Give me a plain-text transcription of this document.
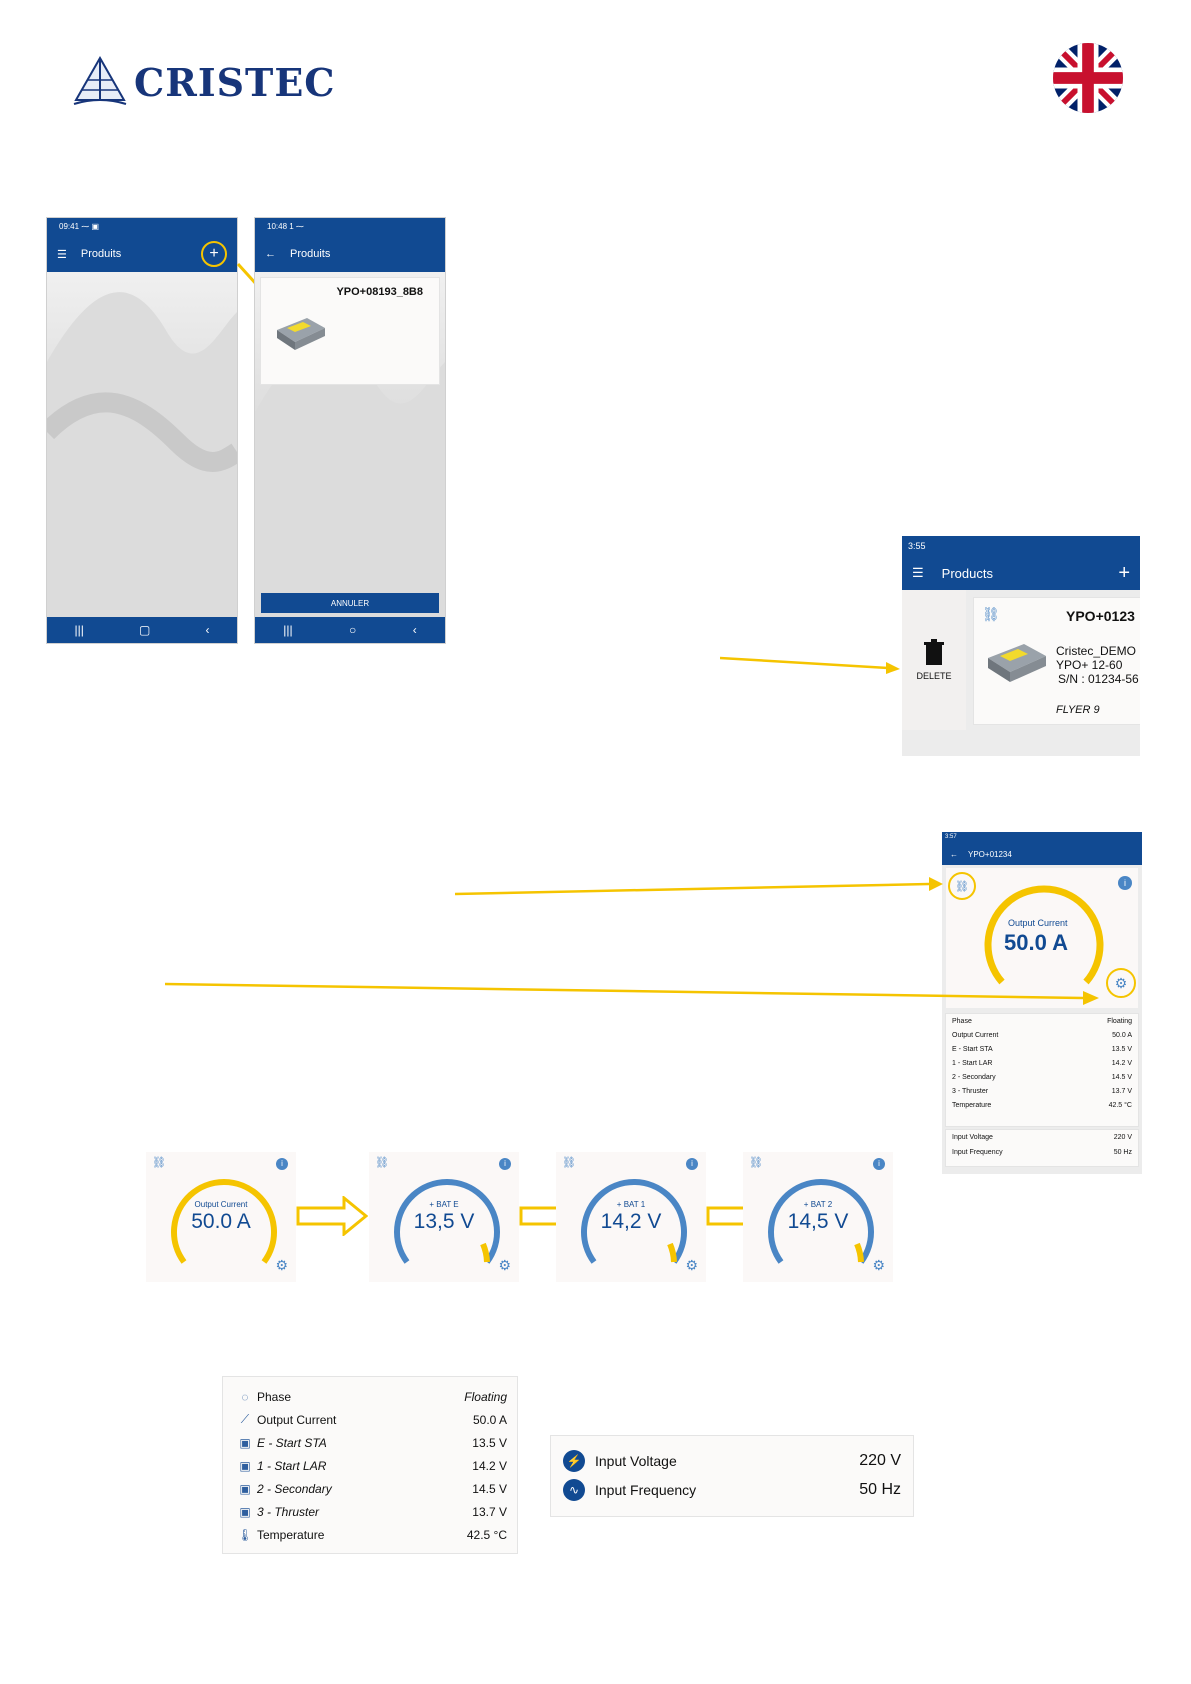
CRISTEC
09:41 ⁓ ▣
☰ Produits	+
|||	▢	‹
10:48 1 ⁓
← Produits
YPO+08193_8B8
ANNULER
|||	○	‹
3:55
☰ Products	+
DELETE
⛓	YPO+0123
Cristec_DEMO
YPO+ 12-60
S/N : 01234-56
FLYER 9
3:57
← YPO+01234
⛓	i
Output Current
50.0 A
⚙
Phase	Floating
Output Current	50.0 A
E - Start STA	13.5 V
1 - Start LAR	14.2 V
2 - Secondary	14.5 V
3 - Thruster	13.7 V
Temperature	42.5 °C
Input Voltage	220 V
Input Frequency	50 Hz
Output Current
50.0 A
⛓	i
⚙
+ BAT E
13,5 V
⛓	i
⚙
+ BAT 1
14,2 V
⛓	i
⚙
+ BAT 2
14,5 V
⛓	i
⚙
◌ Phase	Floating
⟋ Output Current	50.0 A
▣ E - Start STA	13.5 V
▣ 1 - Start LAR	14.2 V
▣ 2 - Secondary	14.5 V
▣ 3 - Thruster	13.7 V
🌡 Temperature	42.5 °C
⚡ Input Voltage	220 V
∿	Input Frequency	50 Hz
